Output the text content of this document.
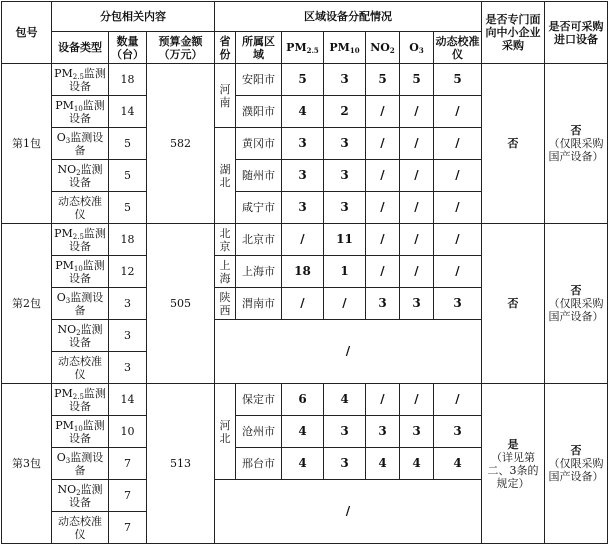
包号	分包相关内容			区域设备分配情况							是否专门面向中小企业采购	是否可采购进口设备
	设备类型	数量（台）	预算金额（万元）	省份	所属区域	$PM_{2.5}$	$PM_{10}$	$NO_2$	$O_3$	动态校准仪		
第1包	$PM_{2.5}$监测设备	18	582	河南	安阳市	5	3	5	5	5	否	否
（仅限采购国产设备）
	$PM_{10}$监测设备	14			濮阳市	4	2	/	/	/		
	$O_3$监测设备	5		湖北	黄冈市	3	3	/	/	/		
	$NO_2$监测设备	5			随州市	3	3	/	/	/		
	动态校准仪	5			咸宁市	3	3	/	/	/		
第2包	$PM_{2.5}$监测设备	18	505	北京	北京市	/	11	/	/	/	否	否
（仅限采购国产设备）
	$PM_{10}$监测设备	12		上海	上海市	18	1	/	/	/		
	$O_3$监测设备	3		陕西	渭南市	/	/	3	3	3		
	$NO_2$监测设备	3		/								
	动态校准仪	3										
第3包	$PM_{2.5}$监测设备	14	513	河北	保定市	6	4	/	/	/	是
（详见第二、3条的规定）	否
（仅限采购国产设备）
	$PM_{10}$监测设备	10			沧州市	4	3	3	3	3		
	$O_3$监测设备	7			邢台市	4	3	4	4	4		
	$NO_2$监测设备	7		/								
	动态校准仪	7										
